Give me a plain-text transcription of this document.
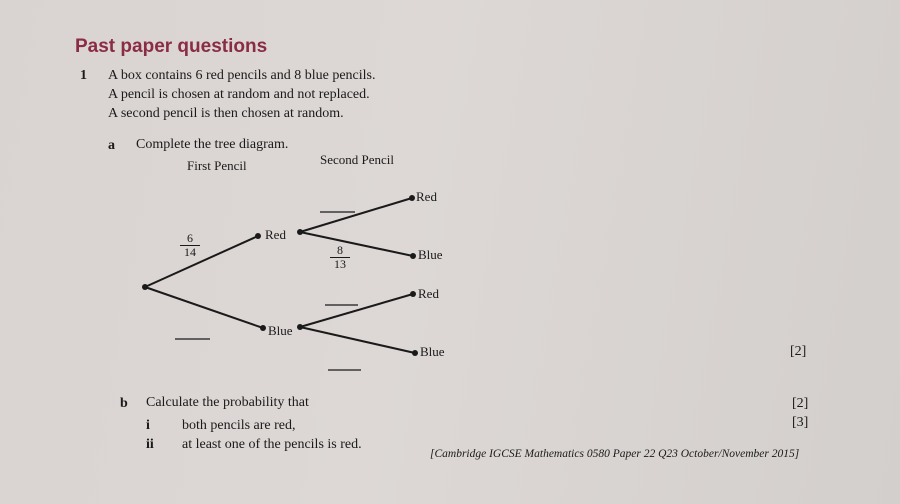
Past paper questions
1 A box contains 6 red pencils and 8 blue pencils.
A pencil is chosen at random and not replaced.
A second pencil is then chosen at random.
a Complete the tree diagram.
First Pencil	Second Pencil
Red
Blue
Red
Blue
Red
Blue
$\frac{6}{14}$	$\frac{8}{13}$
[2]
b Calculate the probability that
i both pencils are red,
[2]
ii at least one of the pencils is red.
[3]
[Cambridge IGCSE Mathematics 0580 Paper 22 Q23 October/November 2015]
